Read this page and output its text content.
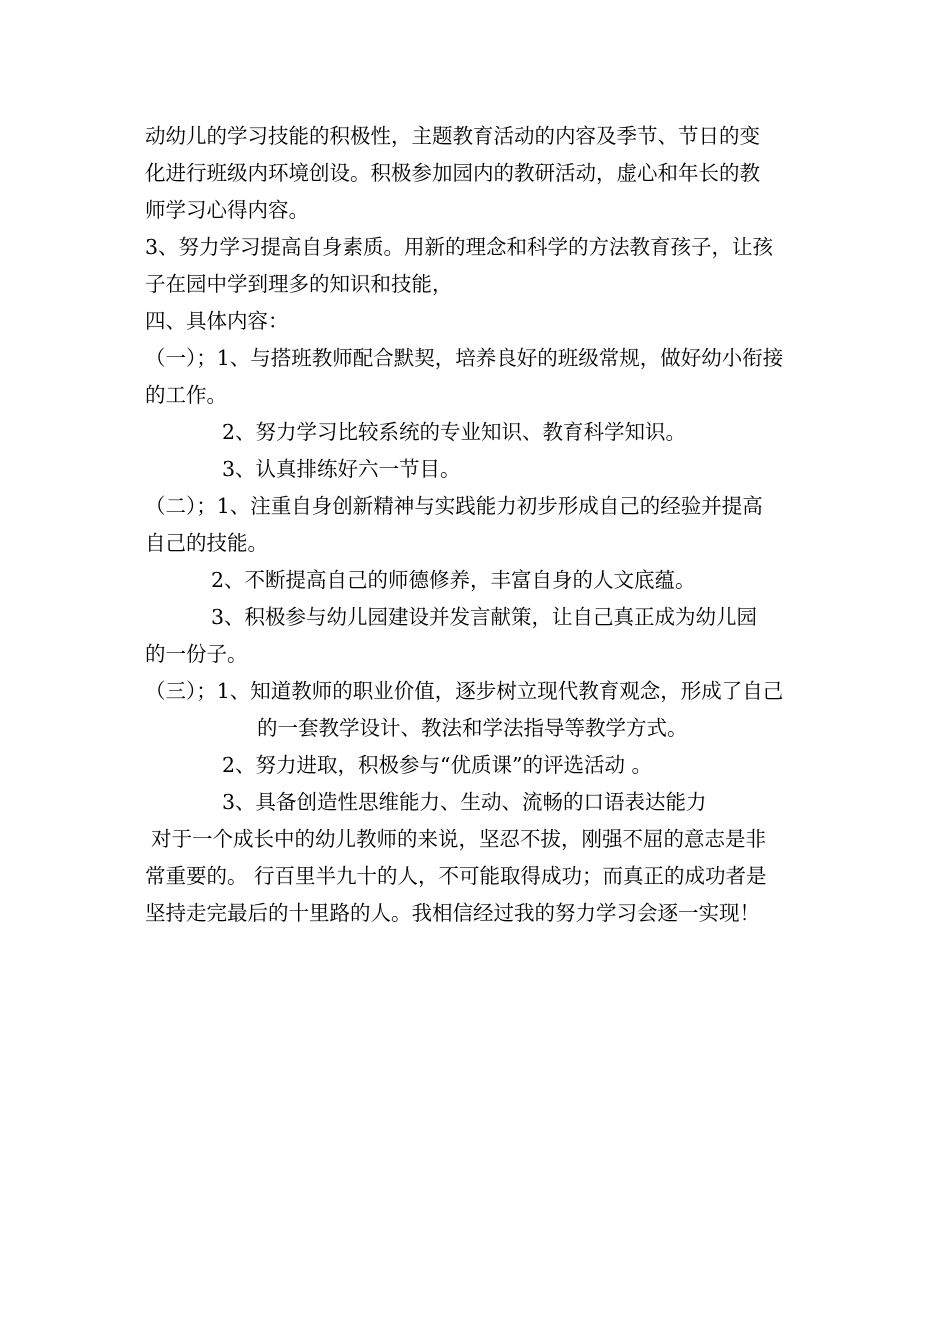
动幼儿的学习技能的积极性，主题教育活动的内容及季节、节日的变
化进行班级内环境创设。积极参加园内的教研活动，虚心和年长的教
师学习心得内容。
3、努力学习提高自身素质。用新的理念和科学的方法教育孩子，让孩
子在园中学到理多的知识和技能，
四、具体内容：
（一）；1、与搭班教师配合默契，培养良好的班级常规，做好幼小衔接
的工作。
2、努力学习比较系统的专业知识、教育科学知识。
3、认真排练好六一节目。
（二）；1、注重自身创新精神与实践能力初步形成自己的经验并提高
自己的技能。
2、不断提高自己的师德修养，丰富自身的人文底蕴。
3、积极参与幼儿园建设并发言献策，让自己真正成为幼儿园
的一份子。
（三）；1、知道教师的职业价值，逐步树立现代教育观念，形成了自己
的一套教学设计、教法和学法指导等教学方式。
2、努力进取，积极参与“优质课”的评选活动 。
3、具备创造性思维能力、生动、流畅的口语表达能力
对于一个成长中的幼儿教师的来说，坚忍不拔，刚强不屈的意志是非
常重要的。 行百里半九十的人，不可能取得成功；而真正的成功者是
坚持走完最后的十里路的人。我相信经过我的努力学习会逐一实现！
